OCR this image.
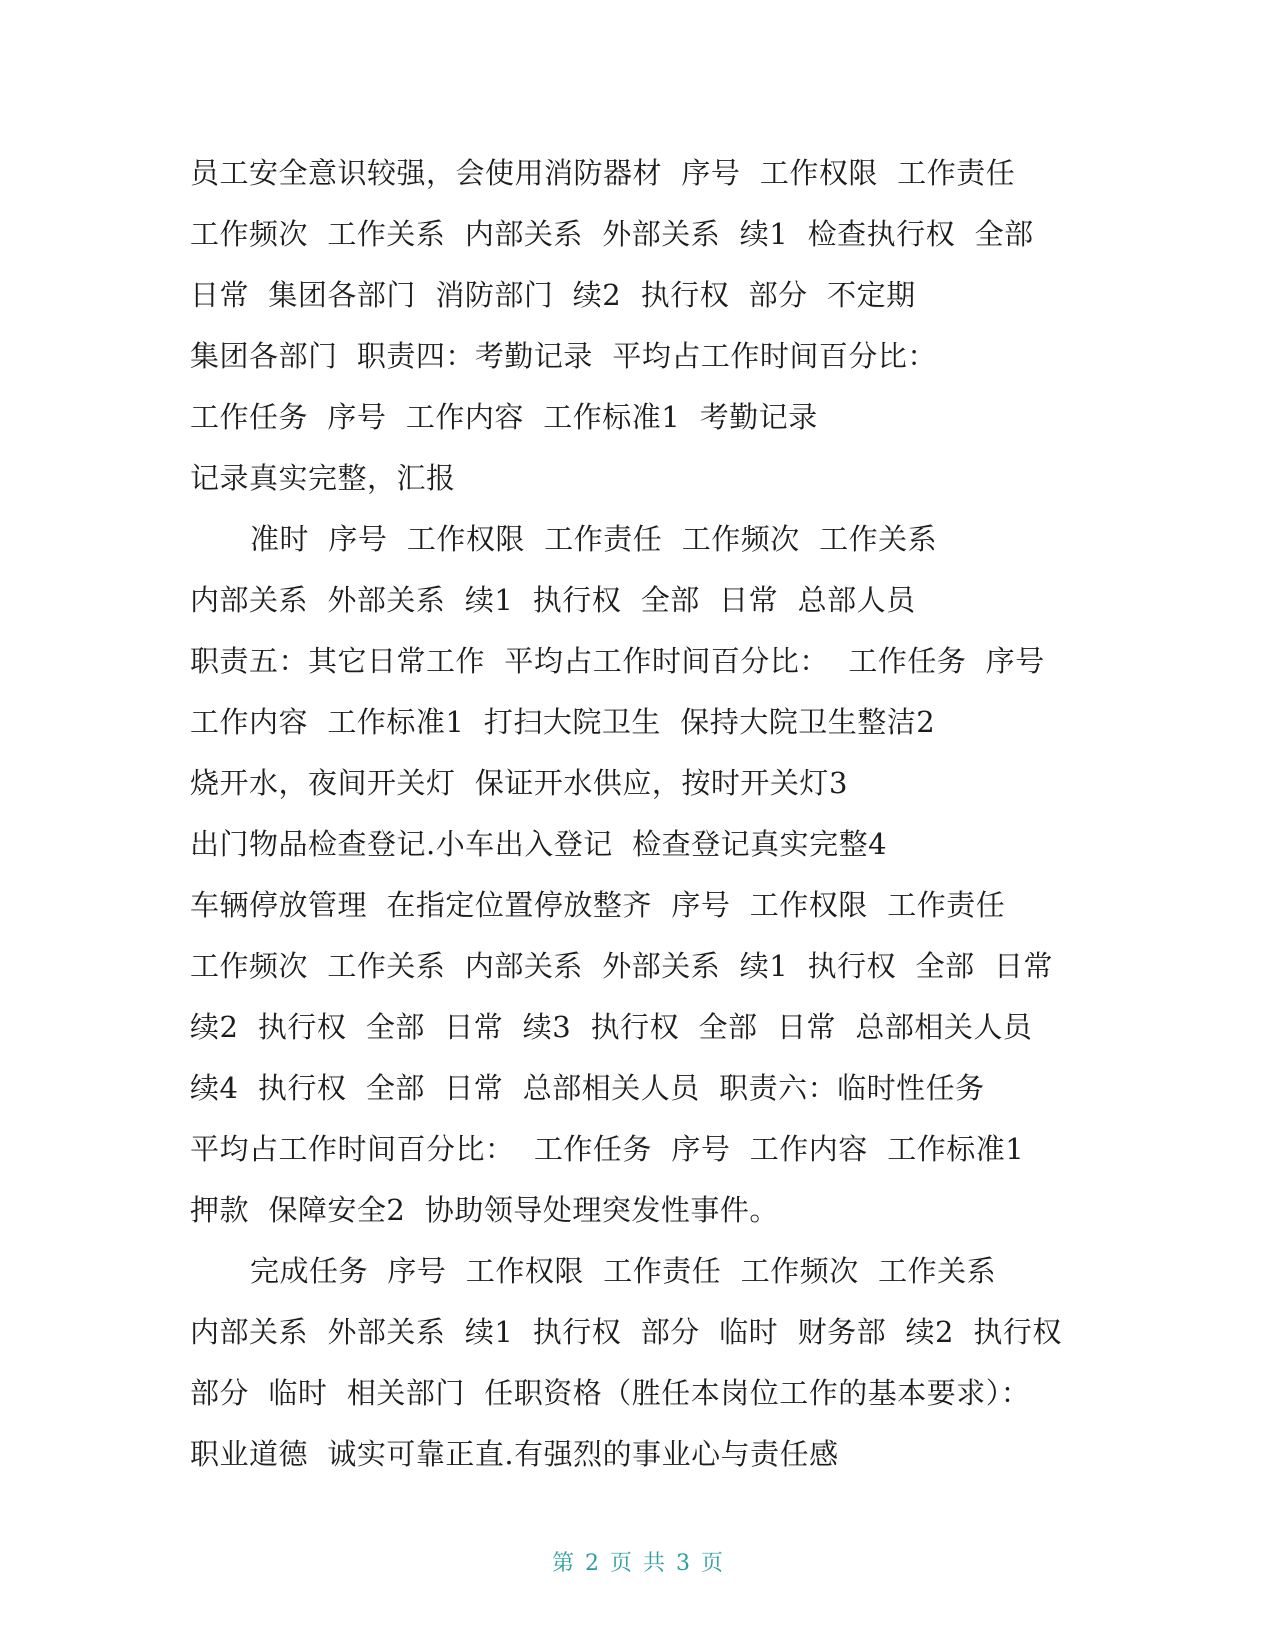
员工安全意识较强，会使用消防器材  序号  工作权限  工作责任
工作频次  工作关系  内部关系  外部关系  续1  检查执行权  全部
日常  集团各部门  消防部门  续2  执行权  部分  不定期
集团各部门  职责四：考勤记录  平均占工作时间百分比：
工作任务  序号  工作内容  工作标准1  考勤记录
记录真实完整，汇报
准时  序号  工作权限  工作责任  工作频次  工作关系
内部关系  外部关系  续1  执行权  全部  日常  总部人员
职责五：其它日常工作  平均占工作时间百分比：  工作任务  序号
工作内容  工作标准1  打扫大院卫生  保持大院卫生整洁2
烧开水，夜间开关灯  保证开水供应，按时开关灯3
出门物品检查登记.小车出入登记  检查登记真实完整4
车辆停放管理  在指定位置停放整齐  序号  工作权限  工作责任
工作频次  工作关系  内部关系  外部关系  续1  执行权  全部  日常
续2  执行权  全部  日常  续3  执行权  全部  日常  总部相关人员
续4  执行权  全部  日常  总部相关人员  职责六：临时性任务
平均占工作时间百分比：  工作任务  序号  工作内容  工作标准1
押款  保障安全2  协助领导处理突发性事件。
完成任务  序号  工作权限  工作责任  工作频次  工作关系
内部关系  外部关系  续1  执行权  部分  临时  财务部  续2  执行权
部分  临时  相关部门  任职资格（胜任本岗位工作的基本要求）：
职业道德  诚实可靠正直.有强烈的事业心与责任感
第 2 页 共 3 页
